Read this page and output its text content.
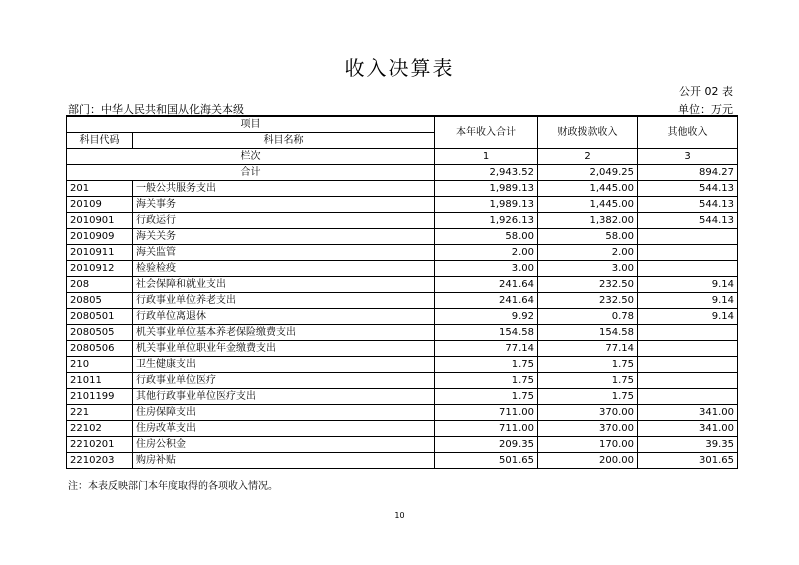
收入决算表
公开 02 表
部门：中华人民共和国从化海关本级	单位：万元
项目		本年收入合计	财政拨款收入	其他收入
科目代码	科目名称			
栏次		1	2	3
合计		2,943.52	2,049.25	894.27
201	一般公共服务支出	1,989.13	1,445.00	544.13
20109	海关事务	1,989.13	1,445.00	544.13
2010901	行政运行	1,926.13	1,382.00	544.13
2010909	海关关务	58.00	58.00	
2010911	海关监管	2.00	2.00	
2010912	检验检疫	3.00	3.00	
208	社会保障和就业支出	241.64	232.50	9.14
20805	行政事业单位养老支出	241.64	232.50	9.14
2080501	行政单位离退休	9.92	0.78	9.14
2080505	机关事业单位基本养老保险缴费支出	154.58	154.58	
2080506	机关事业单位职业年金缴费支出	77.14	77.14	
210	卫生健康支出	1.75	1.75	
21011	行政事业单位医疗	1.75	1.75	
2101199	其他行政事业单位医疗支出	1.75	1.75	
221	住房保障支出	711.00	370.00	341.00
22102	住房改革支出	711.00	370.00	341.00
2210201	住房公积金	209.35	170.00	39.35
2210203	购房补贴	501.65	200.00	301.65
注：本表反映部门本年度取得的各项收入情况。
10
